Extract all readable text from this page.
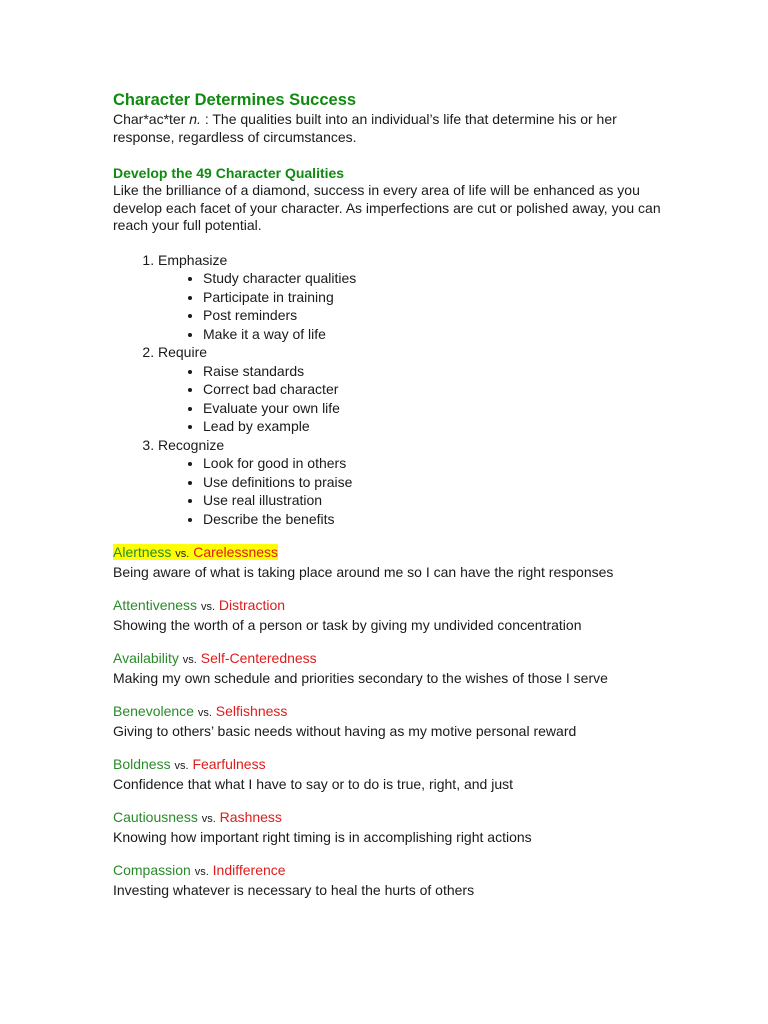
Character Determines Success

Char*ac*ter n. : The qualities built into an individual’s life that determine his or her response, regardless of circumstances.

Develop the 49 Character Qualities

Like the brilliance of a diamond, success in every area of life will be enhanced as you develop each facet of your character. As imperfections are cut or polished away, you can reach your full potential.

1. Emphasize
• Study character qualities
• Participate in training
• Post reminders
• Make it a way of life
2. Require
• Raise standards
• Correct bad character
• Evaluate your own life
• Lead by example
3. Recognize
• Look for good in others
• Use definitions to praise
• Use real illustration
• Describe the benefits
Alertness vs. Carelessness
Being aware of what is taking place around me so I can have the right responses
Attentiveness vs. Distraction
Showing the worth of a person or task by giving my undivided concentration
Availability vs. Self-Centeredness
Making my own schedule and priorities secondary to the wishes of those I serve
Benevolence vs. Selfishness
Giving to others’ basic needs without having as my motive personal reward
Boldness vs. Fearfulness
Confidence that what I have to say or to do is true, right, and just
Cautiousness vs. Rashness
Knowing how important right timing is in accomplishing right actions
Compassion vs. Indifference
Investing whatever is necessary to heal the hurts of others
